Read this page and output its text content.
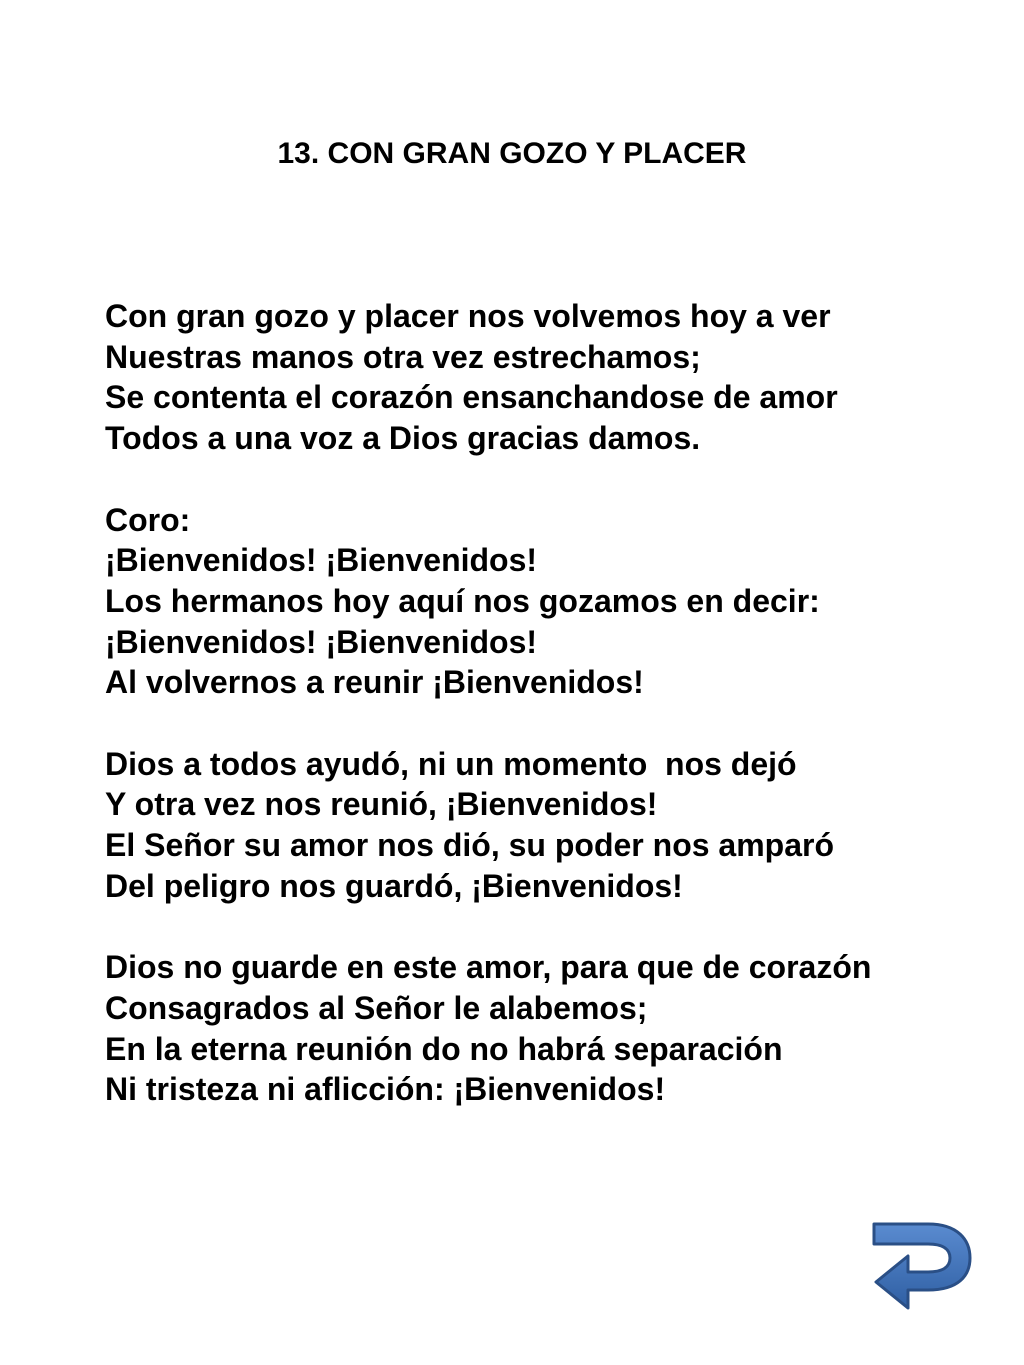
13. CON GRAN GOZO Y PLACER
Con gran gozo y placer nos volvemos hoy a ver
Nuestras manos otra vez estrechamos;
Se contenta el corazón ensanchandose de amor
Todos a una voz a Dios gracias damos.
Coro:
¡Bienvenidos! ¡Bienvenidos!
Los hermanos hoy aquí nos gozamos en decir:
¡Bienvenidos! ¡Bienvenidos!
Al volvernos a reunir ¡Bienvenidos!
Dios a todos ayudó, ni un momento  nos dejó
Y otra vez nos reunió, ¡Bienvenidos!
El Señor su amor nos dió, su poder nos amparó
Del peligro nos guardó, ¡Bienvenidos!
Dios no guarde en este amor, para que de corazón
Consagrados al Señor le alabemos;
En la eterna reunión do no habrá separación
Ni tristeza ni aflicción: ¡Bienvenidos!
